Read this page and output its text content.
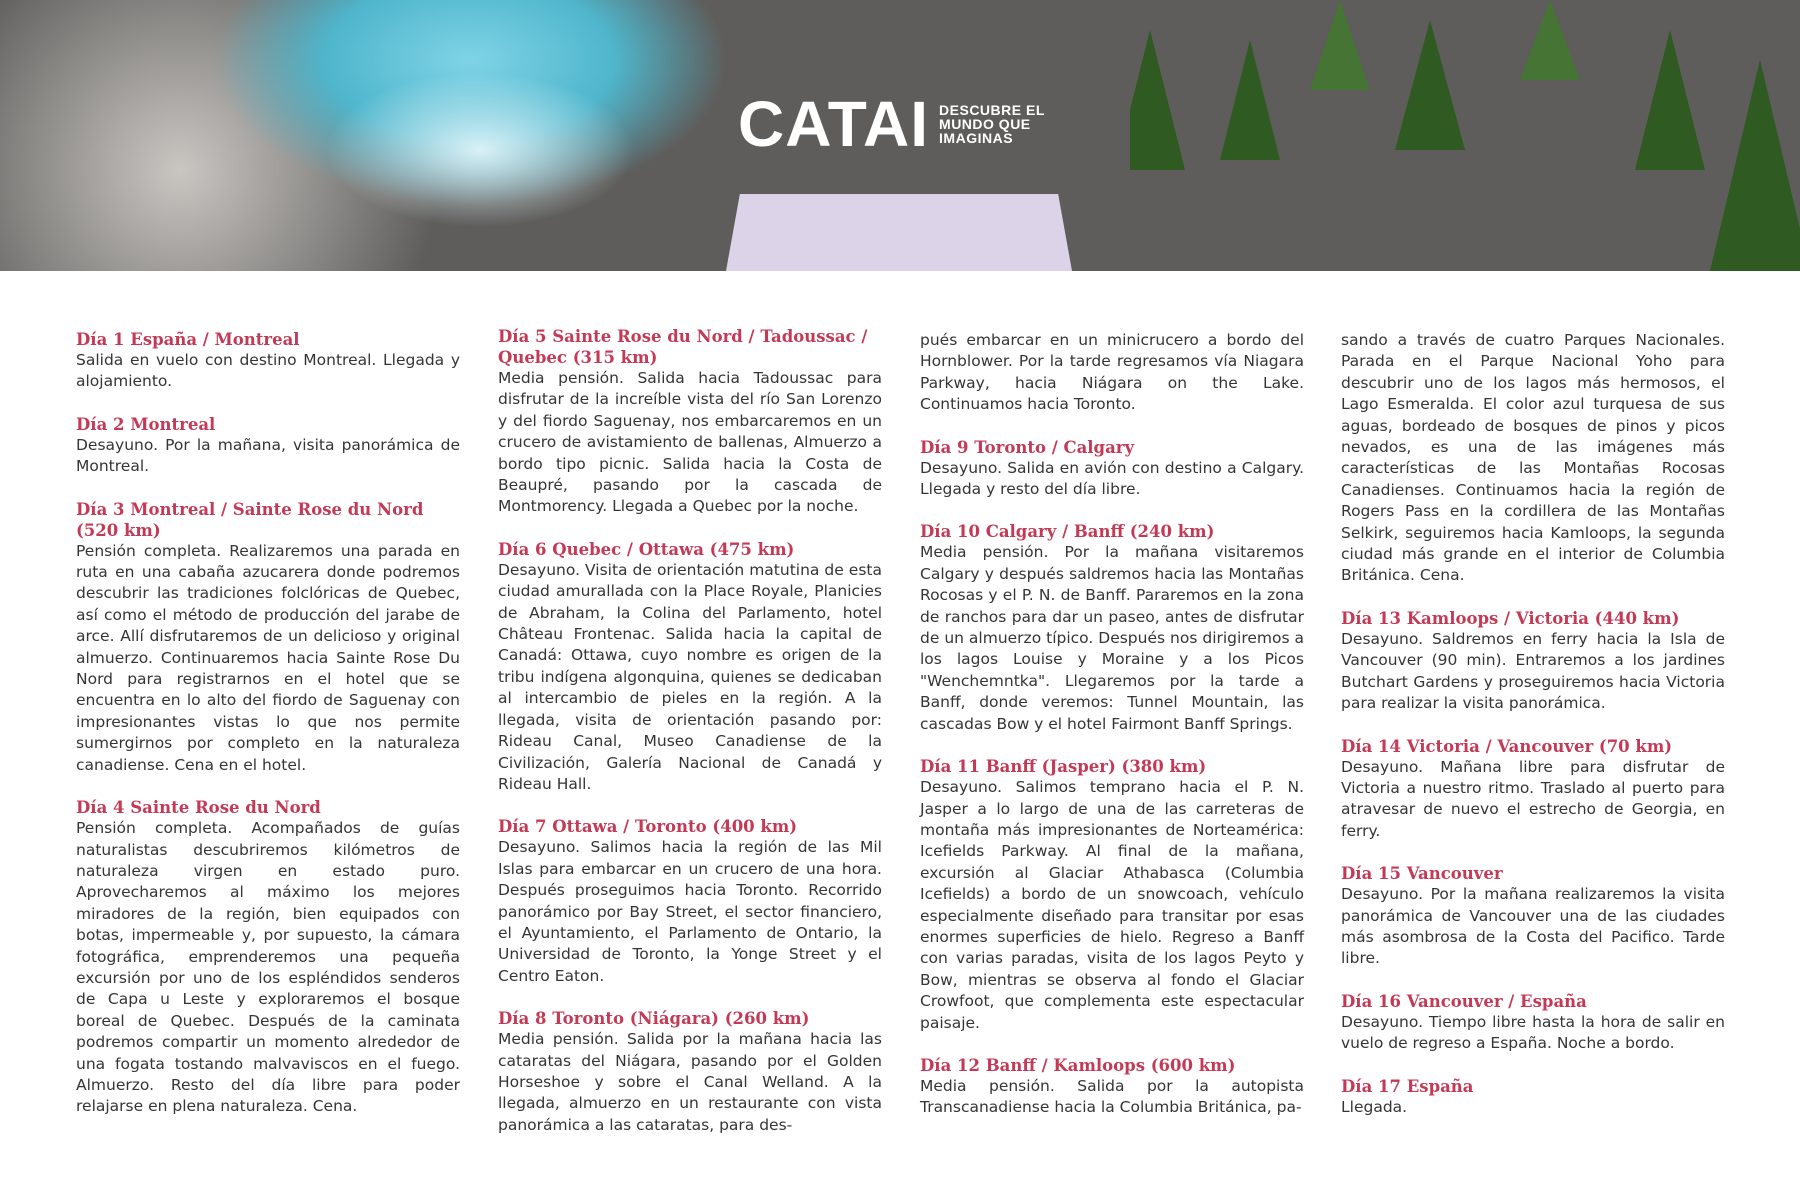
CATAI DESCUBRE EL
MUNDO QUE
IMAGINAS
Día 1 España / Montreal
Salida en vuelo con destino Montreal. Llegada y alojamiento.
Día 2 Montreal
Desayuno. Por la mañana, visita panorámica de Montreal.
Día 3 Montreal / Sainte Rose du Nord (520 km)
Pensión completa. Realizaremos una parada en ruta en una cabaña azucarera donde podremos descubrir las tradiciones folclóricas de Quebec, así como el método de producción del jarabe de arce. Allí disfrutaremos de un delicioso y original almuerzo. Continuaremos hacia Sainte Rose Du Nord para registrarnos en el hotel que se encuentra en lo alto del fiordo de Saguenay con impresionantes vistas lo que nos permite sumergirnos por completo en la naturaleza canadiense. Cena en el hotel.
Día 4 Sainte Rose du Nord
Pensión completa. Acompañados de guías naturalistas descubriremos kilómetros de naturaleza virgen en estado puro. Aprovecharemos al máximo los mejores miradores de la región, bien equipados con botas, impermeable y, por supuesto, la cámara fotográfica, emprenderemos una pequeña excursión por uno de los espléndidos senderos de Capa u Leste y exploraremos el bosque boreal de Quebec. Después de la caminata podremos compartir un momento alrededor de una fogata tostando malvaviscos en el fuego. Almuerzo. Resto del día libre para poder relajarse en plena naturaleza. Cena.
Día 5 Sainte Rose du Nord / Tadoussac / Quebec (315 km)
Media pensión. Salida hacia Tadoussac para disfrutar de la increíble vista del río San Lorenzo y del fiordo Saguenay, nos embarcaremos en un crucero de avistamiento de ballenas, Almuerzo a bordo tipo picnic. Salida hacia la Costa de Beaupré, pasando por la cascada de Montmorency. Llegada a Quebec por la noche.
Día 6 Quebec / Ottawa (475 km)
Desayuno. Visita de orientación matutina de esta ciudad amurallada con la Place Royale, Planicies de Abraham, la Colina del Parlamento, hotel Château Frontenac. Salida hacia la capital de Canadá: Ottawa, cuyo nombre es origen de la tribu indígena algonquina, quienes se dedicaban al intercambio de pieles en la región. A la llegada, visita de orientación pasando por: Rideau Canal, Museo Canadiense de la Civilización, Galería Nacional de Canadá y Rideau Hall.
Día 7 Ottawa / Toronto (400 km)
Desayuno. Salimos hacia la región de las Mil Islas para embarcar en un crucero de una hora. Después proseguimos hacia Toronto. Recorrido panorámico por Bay Street, el sector financiero, el Ayuntamiento, el Parlamento de Ontario, la Universidad de Toronto, la Yonge Street y el Centro Eaton.
Día 8 Toronto (Niágara) (260 km)
Media pensión. Salida por la mañana hacia las cataratas del Niágara, pasando por el Golden Horseshoe y sobre el Canal Welland. A la llegada, almuerzo en un restaurante con vista panorámica a las cataratas, para des-
pués embarcar en un minicrucero a bordo del Hornblower. Por la tarde regresamos vía Niagara Parkway, hacia Niágara on the Lake. Continuamos hacia Toronto.
Día 9 Toronto / Calgary
Desayuno. Salida en avión con destino a Calgary. Llegada y resto del día libre.
Día 10 Calgary / Banff (240 km)
Media pensión. Por la mañana visitaremos Calgary y después saldremos hacia las Montañas Rocosas y el P. N. de Banff. Pararemos en la zona de ranchos para dar un paseo, antes de disfrutar de un almuerzo típico. Después nos dirigiremos a los lagos Louise y Moraine y a los Picos "Wenchemntka". Llegaremos por la tarde a Banff, donde veremos: Tunnel Mountain, las cascadas Bow y el hotel Fairmont Banff Springs.
Día 11 Banff (Jasper) (380 km)
Desayuno. Salimos temprano hacia el P. N. Jasper a lo largo de una de las carreteras de montaña más impresionantes de Norteamérica: Icefields Parkway. Al final de la mañana, excursión al Glaciar Athabasca (Columbia Icefields) a bordo de un snowcoach, vehículo especialmente diseñado para transitar por esas enormes superficies de hielo. Regreso a Banff con varias paradas, visita de los lagos Peyto y Bow, mientras se observa al fondo el Glaciar Crowfoot, que complementa este espectacular paisaje.
Día 12 Banff / Kamloops (600 km)
Media pensión. Salida por la autopista Transcanadiense hacia la Columbia Británica, pa-
sando a través de cuatro Parques Nacionales. Parada en el Parque Nacional Yoho para descubrir uno de los lagos más hermosos, el Lago Esmeralda. El color azul turquesa de sus aguas, bordeado de bosques de pinos y picos nevados, es una de las imágenes más características de las Montañas Rocosas Canadienses. Continuamos hacia la región de Rogers Pass en la cordillera de las Montañas Selkirk, seguiremos hacia Kamloops, la segunda ciudad más grande en el interior de Columbia Británica. Cena.
Día 13 Kamloops / Victoria (440 km)
Desayuno. Saldremos en ferry hacia la Isla de Vancouver (90 min). Entraremos a los jardines Butchart Gardens y proseguiremos hacia Victoria para realizar la visita panorámica.
Día 14 Victoria / Vancouver (70 km)
Desayuno. Mañana libre para disfrutar de Victoria a nuestro ritmo. Traslado al puerto para atravesar de nuevo el estrecho de Georgia, en ferry.
Día 15 Vancouver
Desayuno. Por la mañana realizaremos la visita panorámica de Vancouver una de las ciudades más asombrosa de la Costa del Pacifico. Tarde libre.
Día 16 Vancouver / España
Desayuno. Tiempo libre hasta la hora de salir en vuelo de regreso a España. Noche a bordo.
Día 17 España
Llegada.
